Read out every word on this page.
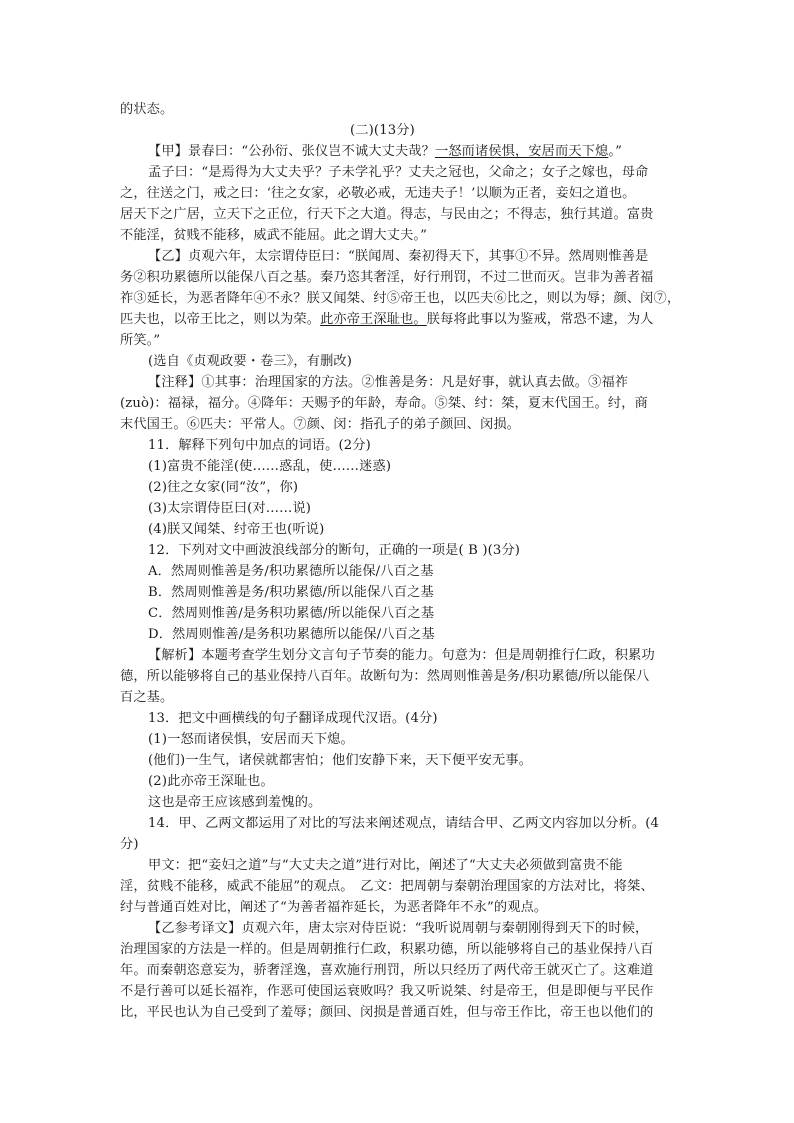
的状态。
(二)(13分)
【甲】景春曰：“公孙衍、张仪岂不诚大丈夫哉？一怒而诸侯惧，安居而天下熄。”
孟子曰：“是焉得为大丈夫乎？子未学礼乎？丈夫之冠也，父命之；女子之嫁也，母命
之，往送之门，戒之曰：‘往之女家，必敬必戒，无违夫子！’以顺为正者，妾妇之道也。
居天下之广居，立天下之正位，行天下之大道。得志，与民由之；不得志，独行其道。富贵
不能淫，贫贱不能移，威武不能屈。此之谓大丈夫。”
【乙】贞观六年，太宗谓侍臣曰：“朕闻周、秦初得天下，其事①不异。然周则惟善是
务②积功累德所以能保八百之基。秦乃恣其奢淫，好行刑罚，不过二世而灭。岂非为善者福
祚③延长，为恶者降年④不永？朕又闻桀、纣⑤帝王也，以匹夫⑥比之，则以为辱；颜、闵⑦，
匹夫也，以帝王比之，则以为荣。此亦帝王深耻也。朕每将此事以为鉴戒，常恐不逮，为人
所笑。”
(选自《贞观政要・卷三》，有删改)
【注释】①其事：治理国家的方法。②惟善是务：凡是好事，就认真去做。③福祚
(zuò)：福禄，福分。④降年：天赐予的年龄，寿命。⑤桀、纣：桀，夏末代国王。纣，商
末代国王。⑥匹夫：平常人。⑦颜、闵：指孔子的弟子颜回、闵损。
11．解释下列句中加点的词语。(2分)
(1)富贵不能淫(使……惑乱，使……迷惑)
(2)往之女家(同“汝”，你)
(3)太宗谓侍臣曰(对……说)
(4)朕又闻桀、纣帝王也(听说)
12．下列对文中画波浪线部分的断句，正确的一项是( B )(3分)
A．然周则惟善是务/积功累德所以能保/八百之基
B．然周则惟善是务/积功累德/所以能保八百之基
C．然周则惟善/是务积功累德/所以能保八百之基
D．然周则惟善/是务积功累德所以能保/八百之基
【解析】本题考查学生划分文言句子节奏的能力。句意为：但是周朝推行仁政，积累功
德，所以能够将自己的基业保持八百年。故断句为：然周则惟善是务/积功累德/所以能保八
百之基。
13．把文中画横线的句子翻译成现代汉语。(4分)
(1)一怒而诸侯惧，安居而天下熄。
(他们)一生气，诸侯就都害怕；他们安静下来，天下便平安无事。
(2)此亦帝王深耻也。
这也是帝王应该感到羞愧的。
14．甲、乙两文都运用了对比的写法来阐述观点，请结合甲、乙两文内容加以分析。(4
分)
甲文：把“妾妇之道”与“大丈夫之道”进行对比，阐述了“大丈夫必须做到富贵不能
淫，贫贱不能移，威武不能屈”的观点。　乙文：把周朝与秦朝治理国家的方法对比，将桀、
纣与普通百姓对比，阐述了“为善者福祚延长，为恶者降年不永”的观点。
【乙参考译文】贞观六年，唐太宗对侍臣说：“我听说周朝与秦朝刚得到天下的时候，
治理国家的方法是一样的。但是周朝推行仁政，积累功德，所以能够将自己的基业保持八百
年。而秦朝恣意妄为，骄奢淫逸，喜欢施行刑罚，所以只经历了两代帝王就灭亡了。这难道
不是行善可以延长福祚，作恶可使国运衰败吗？我又听说桀、纣是帝王，但是即便与平民作
比，平民也认为自己受到了羞辱；颜回、闵损是普通百姓，但与帝王作比，帝王也以他们的
